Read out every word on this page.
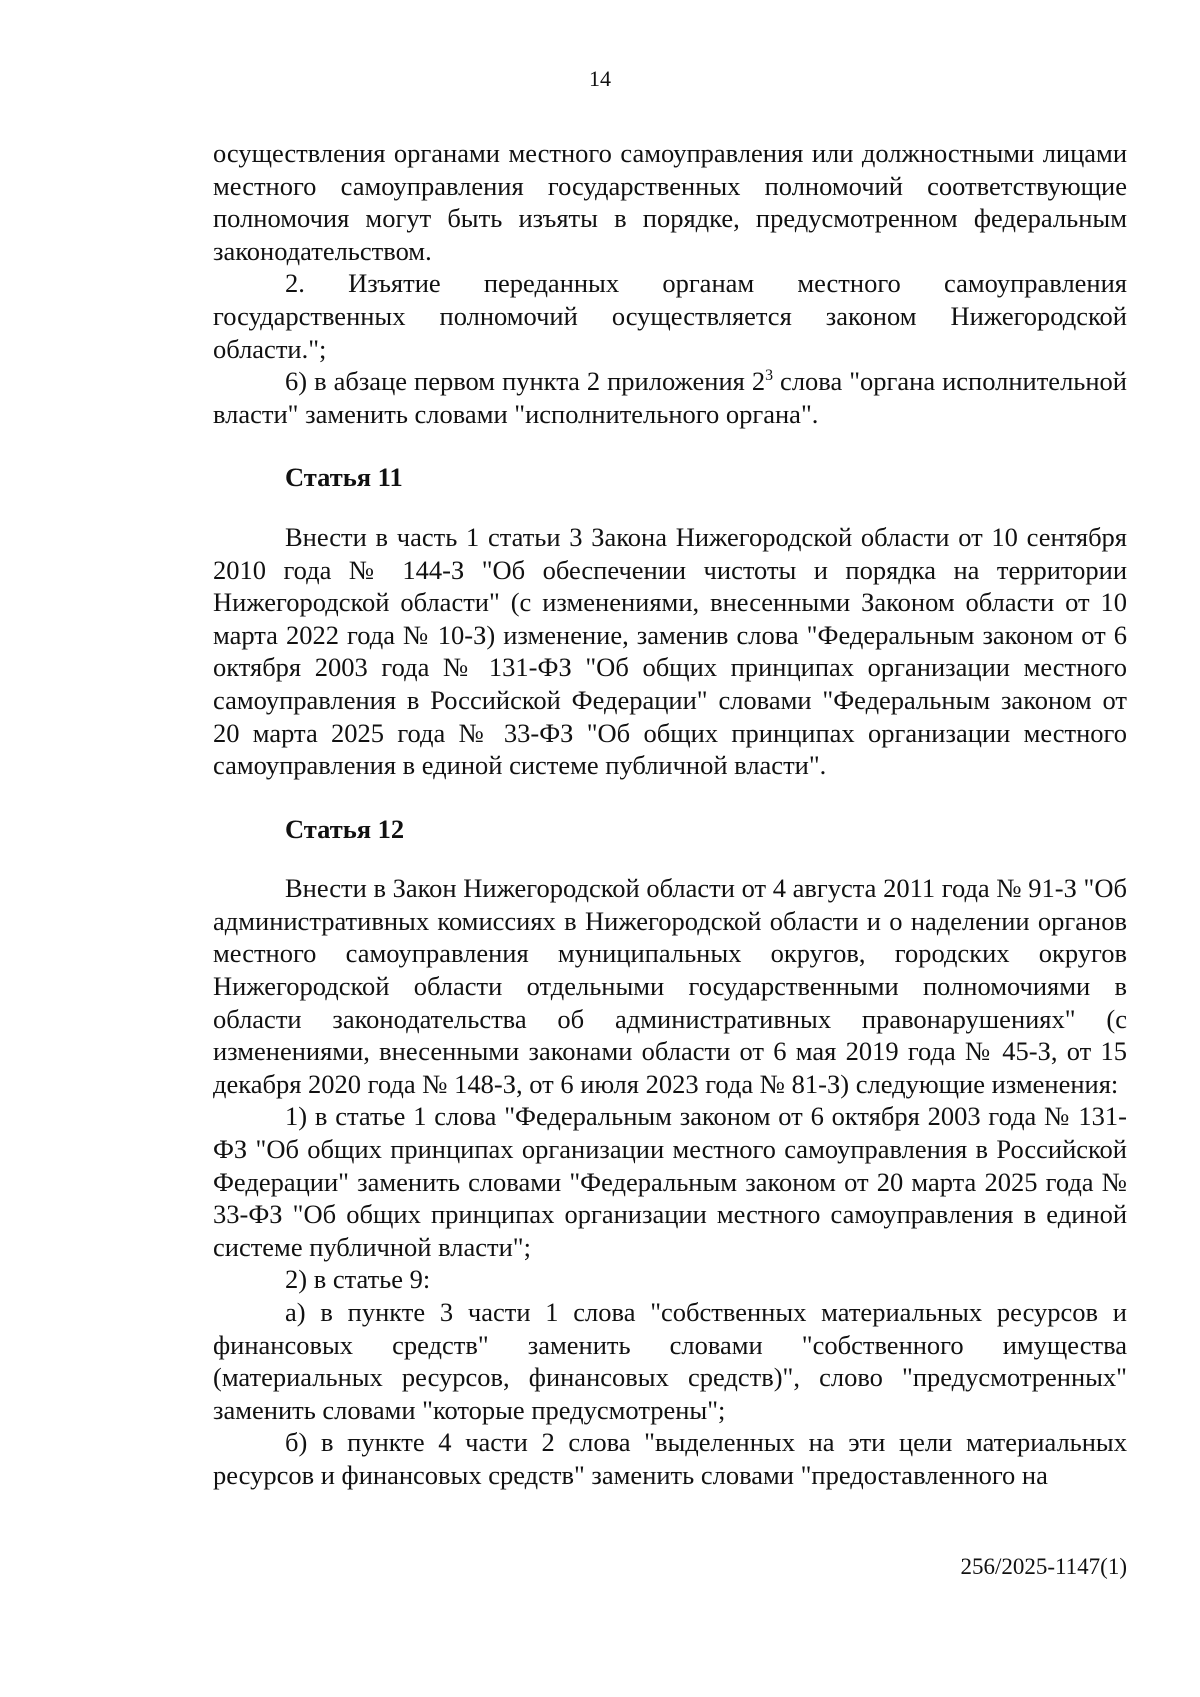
14

осуществления органами местного самоуправления или должностными лицами местного самоуправления государственных полномочий соответствующие полномочия могут быть изъяты в порядке, предусмотренном федеральным законодательством.

2. Изъятие переданных органам местного самоуправления государственных полномочий осуществляется законом Нижегородской области.";

6) в абзаце первом пункта 2 приложения $2^3$ слова "органа исполнительной власти" заменить словами "исполнительного органа".

Статья 11

Внести в часть 1 статьи 3 Закона Нижегородской области от 10 сентября 2010 года № 144-З "Об обеспечении чистоты и порядка на территории Нижегородской области" (с изменениями, внесенными Законом области от 10 марта 2022 года № 10-З) изменение, заменив слова "Федеральным законом от 6 октября 2003 года № 131-ФЗ "Об общих принципах организации местного самоуправления в Российской Федерации" словами "Федеральным законом от 20 марта 2025 года № 33-ФЗ "Об общих принципах организации местного самоуправления в единой системе публичной власти".

Статья 12

Внести в Закон Нижегородской области от 4 августа 2011 года № 91-З "Об административных комиссиях в Нижегородской области и о наделении органов местного самоуправления муниципальных округов, городских округов Нижегородской области отдельными государственными полномочиями в области законодательства об административных правонарушениях" (с изменениями, внесенными законами области от 6 мая 2019 года № 45-З, от 15 декабря 2020 года № 148-З, от 6 июля 2023 года № 81-З) следующие изменения:

1) в статье 1 слова "Федеральным законом от 6 октября 2003 года № 131-ФЗ "Об общих принципах организации местного самоуправления в Российской Федерации" заменить словами "Федеральным законом от 20 марта 2025 года № 33-ФЗ "Об общих принципах организации местного самоуправления в единой системе публичной власти";

2) в статье 9:

а) в пункте 3 части 1 слова "собственных материальных ресурсов и финансовых средств" заменить словами "собственного имущества (материальных ресурсов, финансовых средств)", слово "предусмотренных" заменить словами "которые предусмотрены";

б) в пункте 4 части 2 слова "выделенных на эти цели материальных ресурсов и финансовых средств" заменить словами "предоставленного на

256/2025-1147(1)
